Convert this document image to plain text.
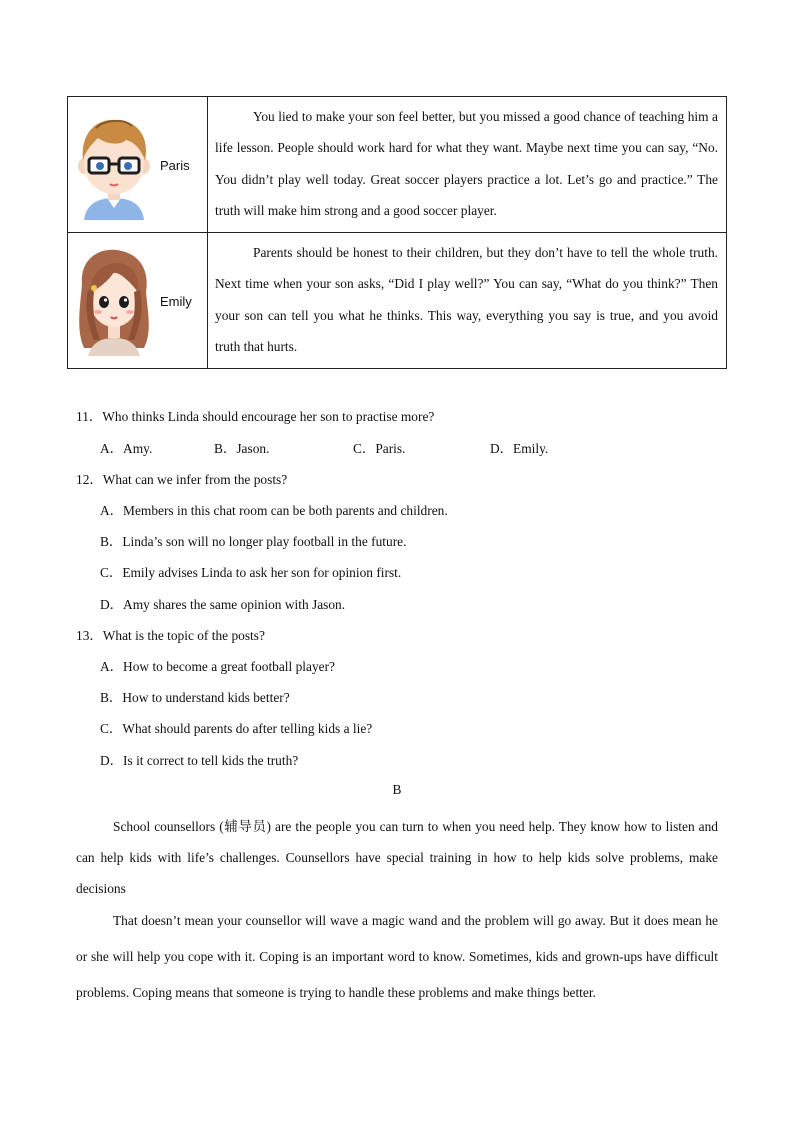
Paris	You lied to make your son feel better, but you missed a good chance of teaching him a life lesson. People should work hard for what they want. Maybe next time you can say, “No. You didn’t play well today. Great soccer players practice a lot. Let’s go and practice.” The truth will make him strong and a good soccer player.

Emily	Parents should be honest to their children, but they don’t have to tell the whole truth. Next time when your son asks, “Did I play well?” You can say, “What do you think?” Then your son can tell you what he thinks. This way, everything you say is true, and you avoid truth that hurts.
11．Who thinks Linda should encourage her son to practise more?
A．Amy.	B．Jason.	C．Paris.	D．Emily.
12．What can we infer from the posts?
A．Members in this chat room can be both parents and children.
B．Linda’s son will no longer play football in the future.
C．Emily advises Linda to ask her son for opinion first.
D．Amy shares the same opinion with Jason.
13．What is the topic of the posts?
A．How to become a great football player?
B．How to understand kids better?
C．What should parents do after telling kids a lie?
D．Is it correct to tell kids the truth?
B
School counsellors (辅导员) are the people you can turn to when you need help. They know how to listen and can help kids with life’s challenges. Counsellors have special training in how to help kids solve problems, make decisions
That doesn’t mean your counsellor will wave a magic wand and the problem will go away. But it does mean he or she will help you cope with it. Coping is an important word to know. Sometimes, kids and grown-ups have difficult problems. Coping means that someone is trying to handle these problems and make things better.
